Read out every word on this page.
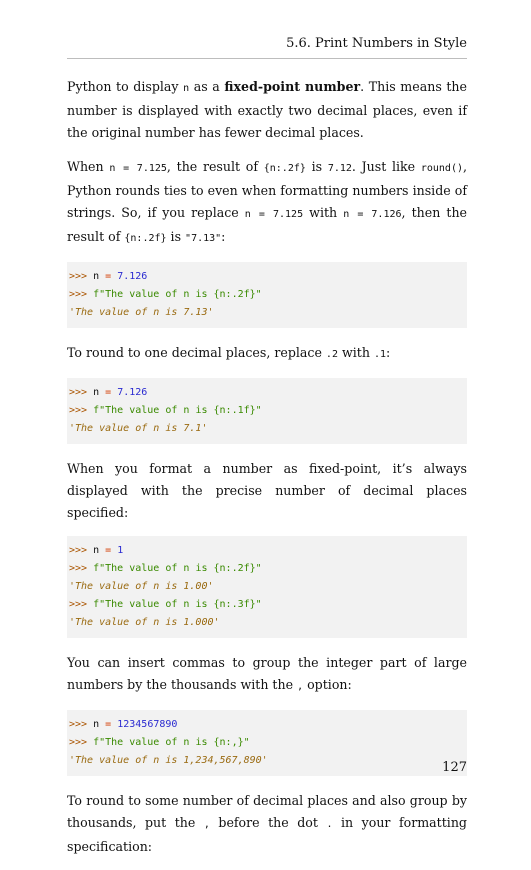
5.6. Print Numbers in Style

Python to display n as a fixed-point number. This means the number is displayed with exactly two decimal places, even if the original number has fewer decimal places.

When n = 7.125, the result of {n:.2f} is 7.12. Just like round(), Python rounds ties to even when formatting numbers inside of strings. So, if you replace n = 7.125 with n = 7.126, then the result of {n:.2f} is "7.13":

>>> n = 7.126
>>> f"The value of n is {n:.2f}"
'The value of n is 7.13'

To round to one decimal places, replace .2 with .1:

>>> n = 7.126
>>> f"The value of n is {n:.1f}"
'The value of n is 7.1'

When you format a number as fixed-point, it’s always displayed with the precise number of decimal places specified:

>>> n = 1
>>> f"The value of n is {n:.2f}"
'The value of n is 1.00'
>>> f"The value of n is {n:.3f}"
'The value of n is 1.000'

You can insert commas to group the integer part of large numbers by the thousands with the , option:

>>> n = 1234567890
>>> f"The value of n is {n:,}"
'The value of n is 1,234,567,890'

To round to some number of decimal places and also group by thousands, put the , before the dot . in your formatting specification:

127
